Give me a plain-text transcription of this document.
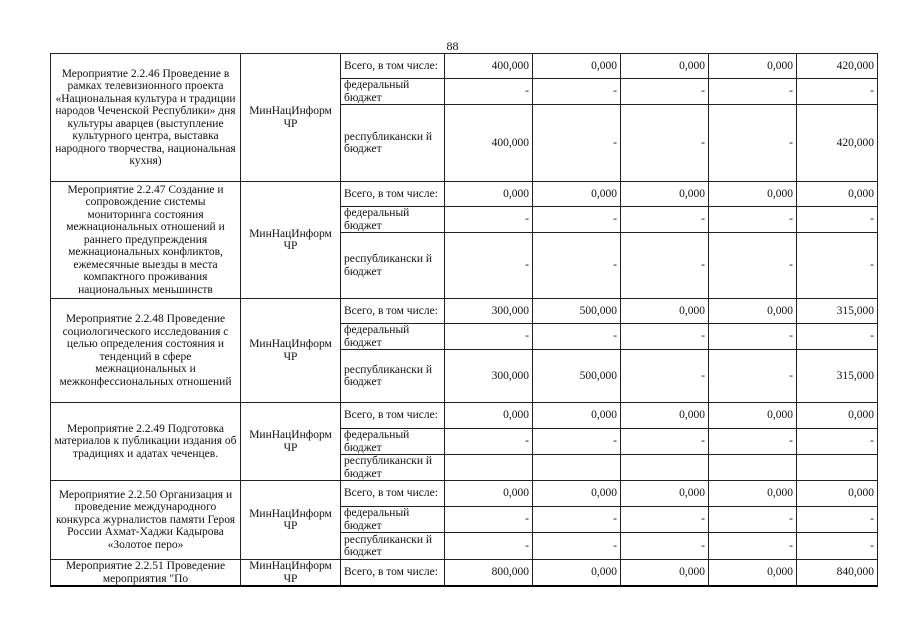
88
Мероприятие 2.2.46 Проведение в рамках телевизионного проекта «Национальная культура и традиции народов Чеченской Республики» дня культуры аварцев (выступление культурного центра, выставка народного творчества, национальная кухня)	МинНацИнформ ЧР	Всего, в том числе:	400,000	0,000	0,000	0,000	420,000
		федеральный бюджет	-	-	-	-	-
		республикански й бюджет	400,000	-	-	-	420,000
Мероприятие 2.2.47 Создание и сопровождение системы мониторинга состояния межнациональных отношений и раннего предупреждения межнациональных конфликтов, ежемесячные выезды в места компактного проживания национальных меньшинств	МинНацИнформ ЧР	Всего, в том числе:	0,000	0,000	0,000	0,000	0,000
		федеральный бюджет	-	-	-	-	-
		республикански й бюджет	-	-	-	-	-
Мероприятие 2.2.48 Проведение социологического исследования с целью определения состояния и тенденций в сфере межнациональных и межконфессиональных отношений	МинНацИнформ ЧР	Всего, в том числе:	300,000	500,000	0,000	0,000	315,000
		федеральный бюджет	-	-	-	-	-
		республикански й бюджет	300,000	500,000	-	-	315,000
Мероприятие 2.2.49 Подготовка материалов к публикации издания об традициях и адатах чеченцев.	МинНацИнформ ЧР	Всего, в том числе:	0,000	0,000	0,000	0,000	0,000
		федеральный бюджет	-	-	-	-	-
		республикански й бюджет					
Мероприятие 2.2.50 Организация и проведение международного конкурса журналистов памяти Героя России Ахмат-Хаджи Кадырова «Золотое перо»	МинНацИнформ ЧР	Всего, в том числе:	0,000	0,000	0,000	0,000	0,000
		федеральный бюджет	-	-	-	-	-
		республикански й бюджет	-	-	-	-	-
Мероприятие 2.2.51 Проведение мероприятия "По	МинНацИнформ ЧР	Всего, в том числе:	800,000	0,000	0,000	0,000	840,000
